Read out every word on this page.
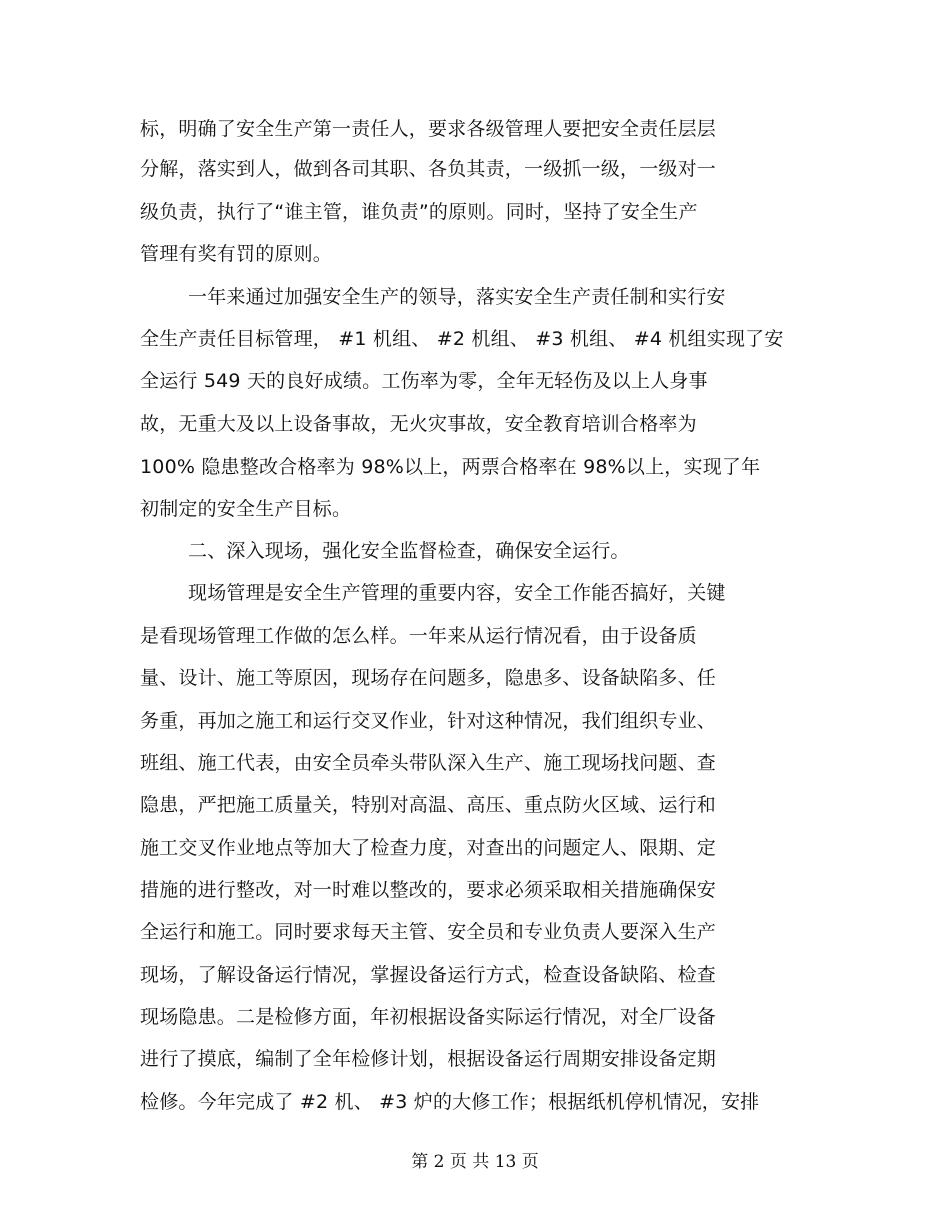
标，明确了安全生产第一责任人，要求各级管理人要把安全责任层层
分解，落实到人，做到各司其职、各负其责，一级抓一级，一级对一
级负责，执行了“谁主管，谁负责”的原则。同时，坚持了安全生产
管理有奖有罚的原则。
一年来通过加强安全生产的领导，落实安全生产责任制和实行安
全生产责任目标管理， #1 机组、 #2 机组、 #3 机组、 #4 机组实现了安
全运行 549 天的良好成绩。工伤率为零，全年无轻伤及以上人身事
故，无重大及以上设备事故，无火灾事故，安全教育培训合格率为
100% 隐患整改合格率为 98%以上，两票合格率在 98%以上，实现了年
初制定的安全生产目标。
二、深入现场，强化安全监督检查，确保安全运行。
现场管理是安全生产管理的重要内容，安全工作能否搞好，关键
是看现场管理工作做的怎么样。一年来从运行情况看，由于设备质
量、设计、施工等原因，现场存在问题多，隐患多、设备缺陷多、任
务重，再加之施工和运行交叉作业，针对这种情况，我们组织专业、
班组、施工代表，由安全员牵头带队深入生产、施工现场找问题、查
隐患，严把施工质量关，特别对高温、高压、重点防火区域、运行和
施工交叉作业地点等加大了检查力度，对查出的问题定人、限期、定
措施的进行整改，对一时难以整改的，要求必须采取相关措施确保安
全运行和施工。同时要求每天主管、安全员和专业负责人要深入生产
现场，了解设备运行情况，掌握设备运行方式，检查设备缺陷、检查
现场隐患。二是检修方面，年初根据设备实际运行情况，对全厂设备
进行了摸底，编制了全年检修计划，根据设备运行周期安排设备定期
检修。今年完成了 #2 机、 #3 炉的大修工作；根据纸机停机情况，安排
第 2 页 共 13 页
